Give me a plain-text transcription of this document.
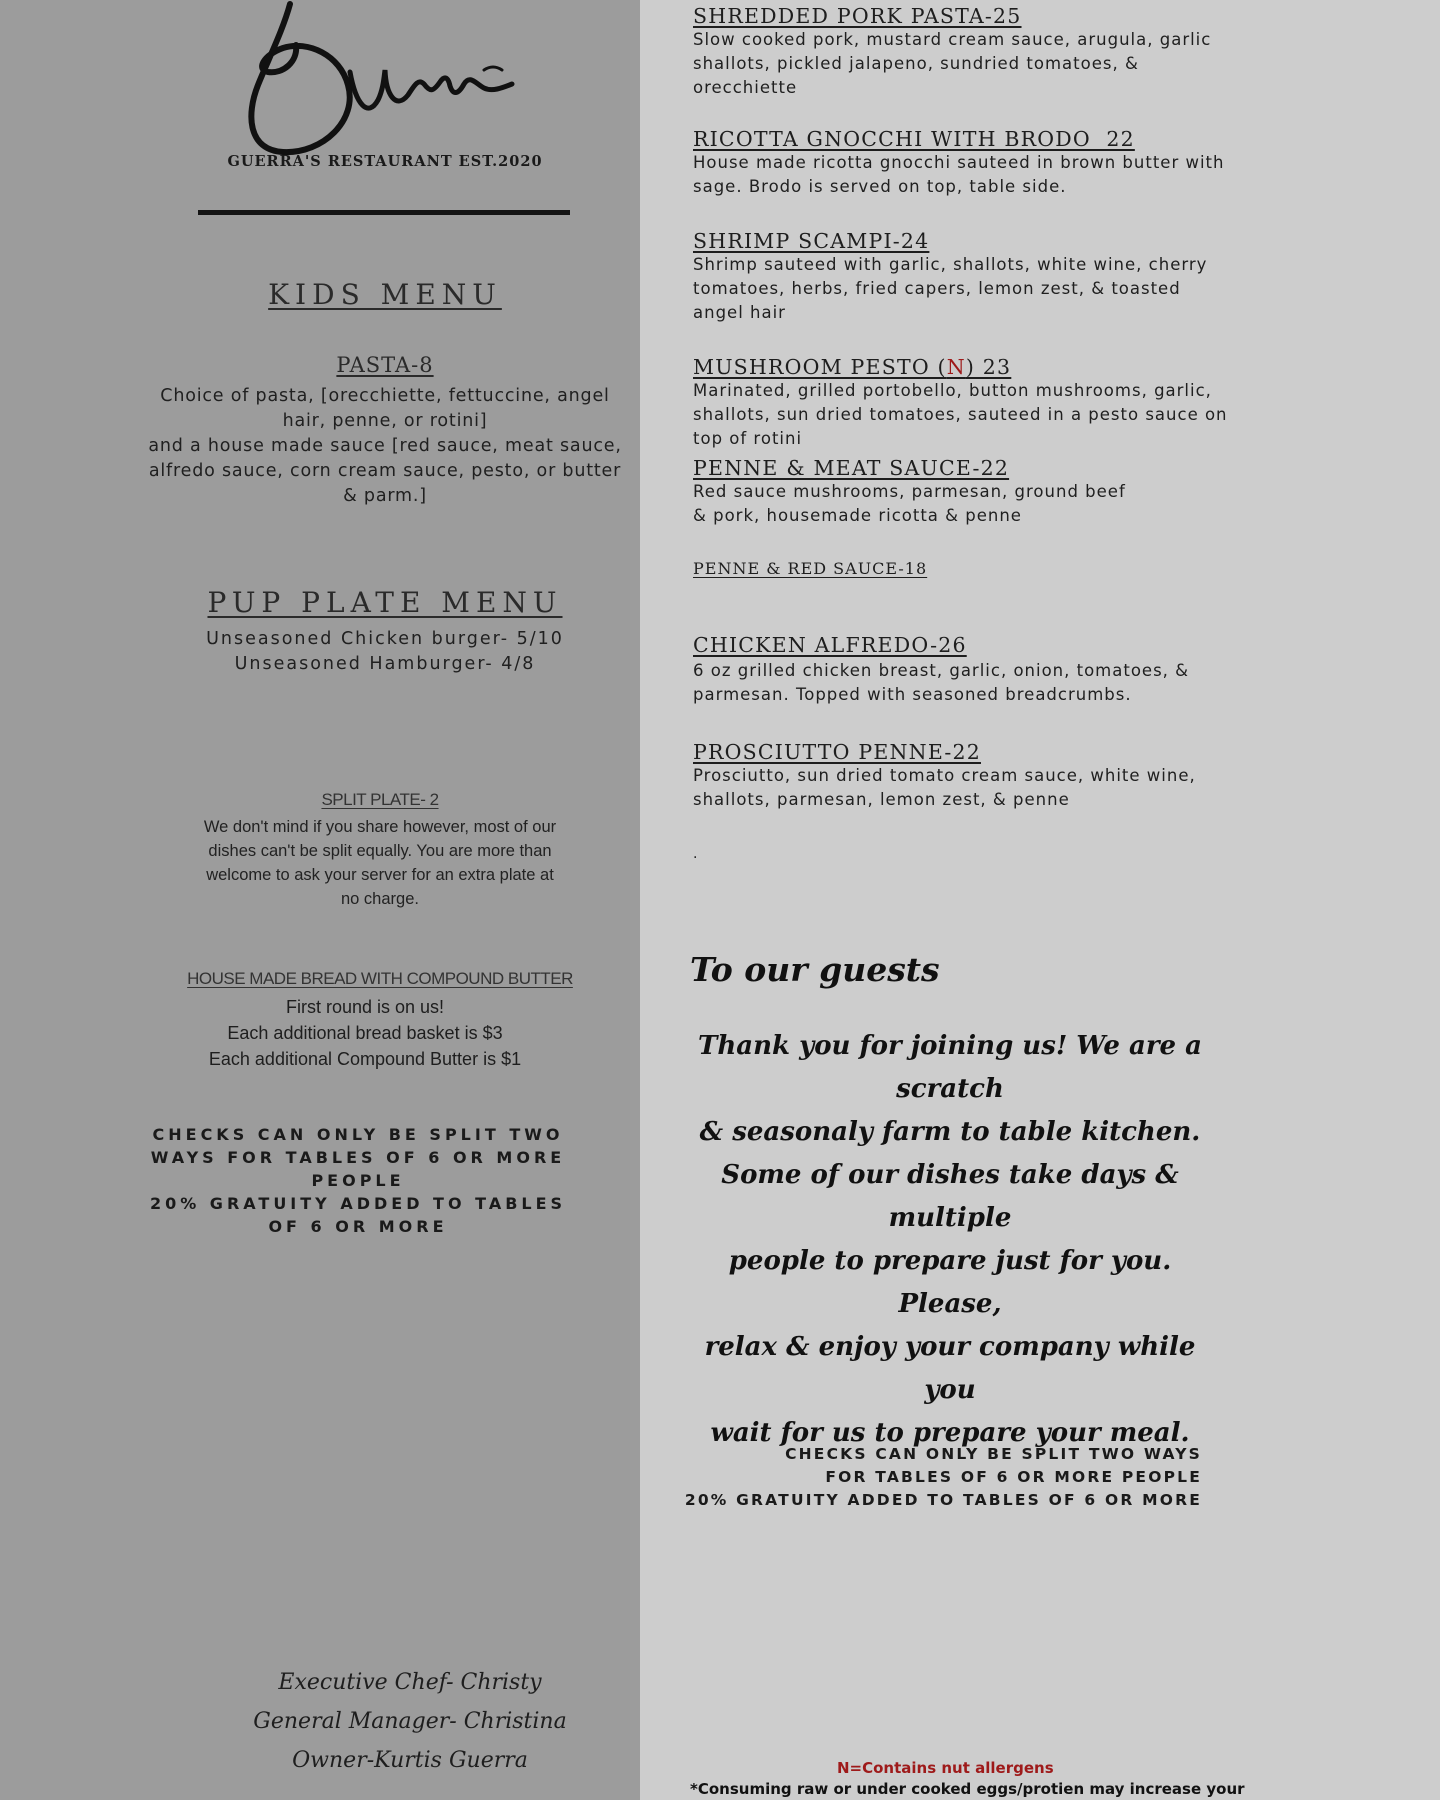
GUERRA'S RESTAURANT EST.2020
KIDS MENU
PASTA-8
Choice of pasta, [orecchiette, fettuccine, angel
hair, penne, or rotini]
and a house made sauce [red sauce, meat sauce,
alfredo sauce, corn cream sauce, pesto, or butter
& parm.]
PUP PLATE MENU
Unseasoned Chicken burger- 5/10
Unseasoned Hamburger- 4/8
SPLIT PLATE- 2
We don't mind if you share however, most of our
dishes can't be split equally. You are more than
welcome to ask your server for an extra plate at
no charge.
HOUSE MADE BREAD WITH COMPOUND BUTTER
First round is on us!
Each additional bread basket is $3
Each additional Compound Butter is $1
CHECKS CAN ONLY BE SPLIT TWO
WAYS FOR TABLES OF 6 OR MORE
PEOPLE
20% GRATUITY ADDED TO TABLES
OF 6 OR MORE
Executive Chef- Christy
General Manager- Christina
Owner-Kurtis Guerra
SHREDDED PORK PASTA-25
Slow cooked pork, mustard cream sauce, arugula, garlic
shallots, pickled jalapeno, sundried tomatoes, &
orecchiette
RICOTTA GNOCCHI WITH BRODO  22
House made ricotta gnocchi sauteed in brown butter with
sage. Brodo is served on top, table side.
SHRIMP SCAMPI-24
Shrimp sauteed with garlic, shallots, white wine, cherry
tomatoes, herbs, fried capers, lemon zest, & toasted
angel hair
MUSHROOM PESTO (N) 23
Marinated, grilled portobello, button mushrooms, garlic,
shallots, sun dried tomatoes, sauteed in a pesto sauce on
top of rotini
PENNE & MEAT SAUCE-22
Red sauce mushrooms, parmesan, ground beef
& pork, housemade ricotta & penne
PENNE & RED SAUCE-18
CHICKEN ALFREDO-26
6 oz grilled chicken breast, garlic, onion, tomatoes, &
parmesan. Topped with seasoned breadcrumbs.
PROSCIUTTO PENNE-22
Prosciutto, sun dried tomato cream sauce, white wine,
shallots, parmesan, lemon zest, & penne
.
To our guests
Thank you for joining us! We are a scratch
& seasonaly farm to table kitchen.
Some of our dishes take days & multiple
people to prepare just for you. Please,
relax & enjoy your company while you
wait for us to prepare your meal.
CHECKS CAN ONLY BE SPLIT TWO WAYS
FOR TABLES OF 6 OR MORE PEOPLE
20% GRATUITY ADDED TO TABLES OF 6 OR MORE
N=Contains nut allergens
*Consuming raw or under cooked eggs/protien may increase your
